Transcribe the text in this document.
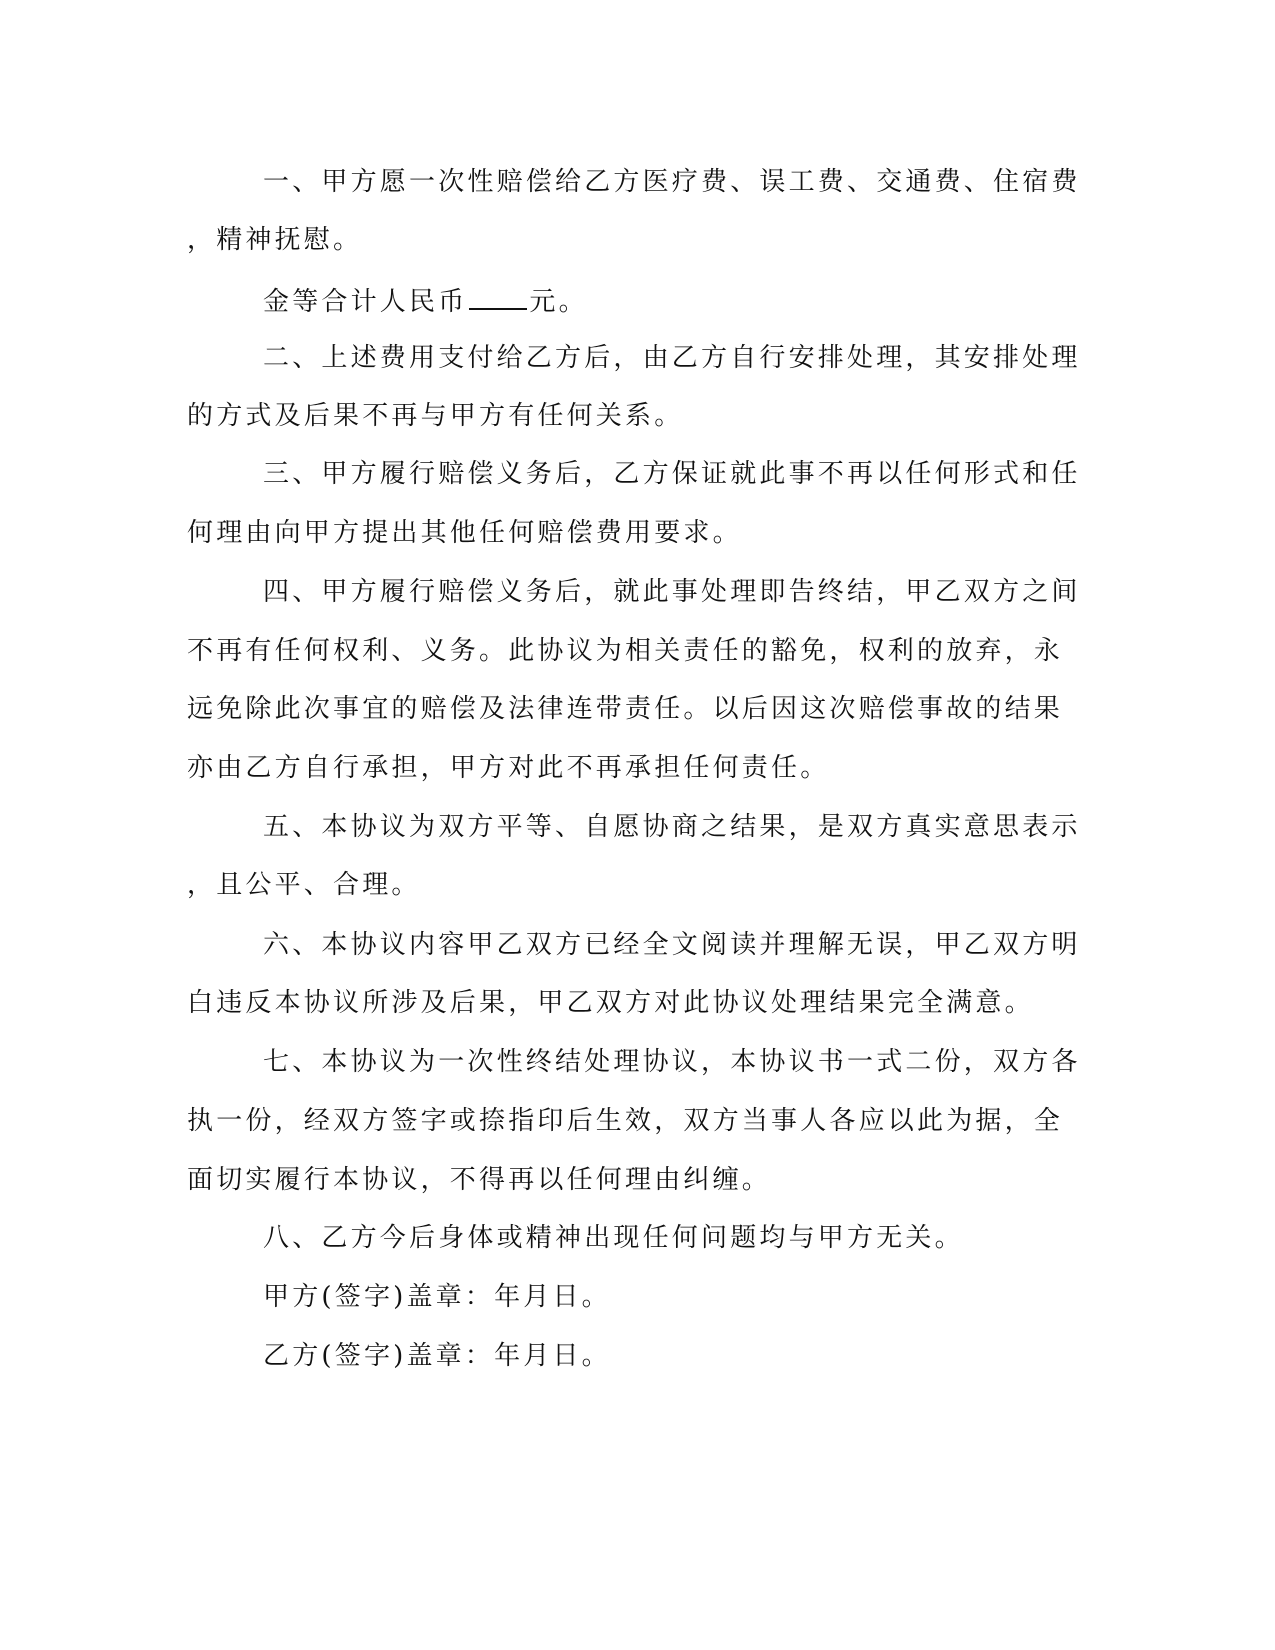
一、甲方愿一次性赔偿给乙方医疗费、误工费、交通费、住宿费
，精神抚慰。
金等合计人民币 元。
二、上述费用支付给乙方后，由乙方自行安排处理，其安排处理
的方式及后果不再与甲方有任何关系。
三、甲方履行赔偿义务后，乙方保证就此事不再以任何形式和任
何理由向甲方提出其他任何赔偿费用要求。
四、甲方履行赔偿义务后，就此事处理即告终结，甲乙双方之间
不再有任何权利、义务。此协议为相关责任的豁免，权利的放弃，永
远免除此次事宜的赔偿及法律连带责任。以后因这次赔偿事故的结果
亦由乙方自行承担，甲方对此不再承担任何责任。
五、本协议为双方平等、自愿协商之结果，是双方真实意思表示
，且公平、合理。
六、本协议内容甲乙双方已经全文阅读并理解无误，甲乙双方明
白违反本协议所涉及后果，甲乙双方对此协议处理结果完全满意。
七、本协议为一次性终结处理协议，本协议书一式二份，双方各
执一份，经双方签字或捺指印后生效，双方当事人各应以此为据，全
面切实履行本协议，不得再以任何理由纠缠。
八、乙方今后身体或精神出现任何问题均与甲方无关。
甲方(签字)盖章：年月日。
乙方(签字)盖章：年月日。
